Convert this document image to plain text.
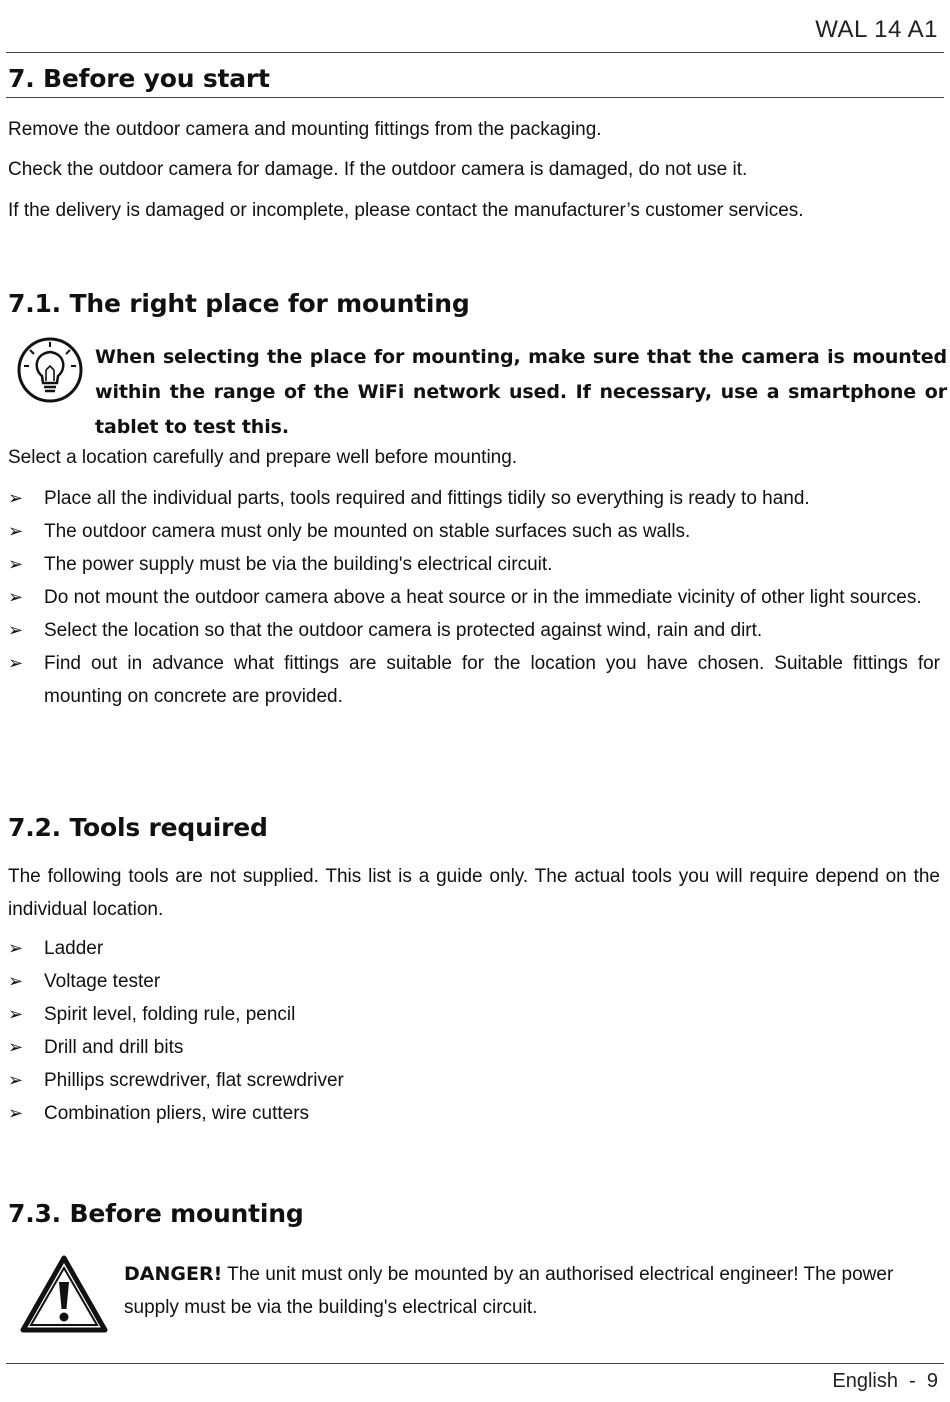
WAL 14 A1
7. Before you start
Remove the outdoor camera and mounting fittings from the packaging.
Check the outdoor camera for damage. If the outdoor camera is damaged, do not use it.
If the delivery is damaged or incomplete, please contact the manufacturer’s customer services.
7.1. The right place for mounting
When selecting the place for mounting, make sure that the camera is mounted within the range of the WiFi network used. If necessary, use a smartphone or tablet to test this.
Select a location carefully and prepare well before mounting.
➢	Place all the individual parts, tools required and fittings tidily so everything is ready to hand.
➢	The outdoor camera must only be mounted on stable surfaces such as walls.
➢	The power supply must be via the building's electrical circuit.
➢	Do not mount the outdoor camera above a heat source or in the immediate vicinity of other light sources.
➢	Select the location so that the outdoor camera is protected against wind, rain and dirt.
➢	Find out in advance what fittings are suitable for the location you have chosen. Suitable fittings for mounting on concrete are provided.
7.2. Tools required
The following tools are not supplied. This list is a guide only. The actual tools you will require depend on the individual location.
➢	Ladder
➢	Voltage tester
➢	Spirit level, folding rule, pencil
➢	Drill and drill bits
➢	Phillips screwdriver, flat screwdriver
➢	Combination pliers, wire cutters
7.3. Before mounting
DANGER! The unit must only be mounted by an authorised electrical engineer! The power supply must be via the building's electrical circuit.
English  -  9
